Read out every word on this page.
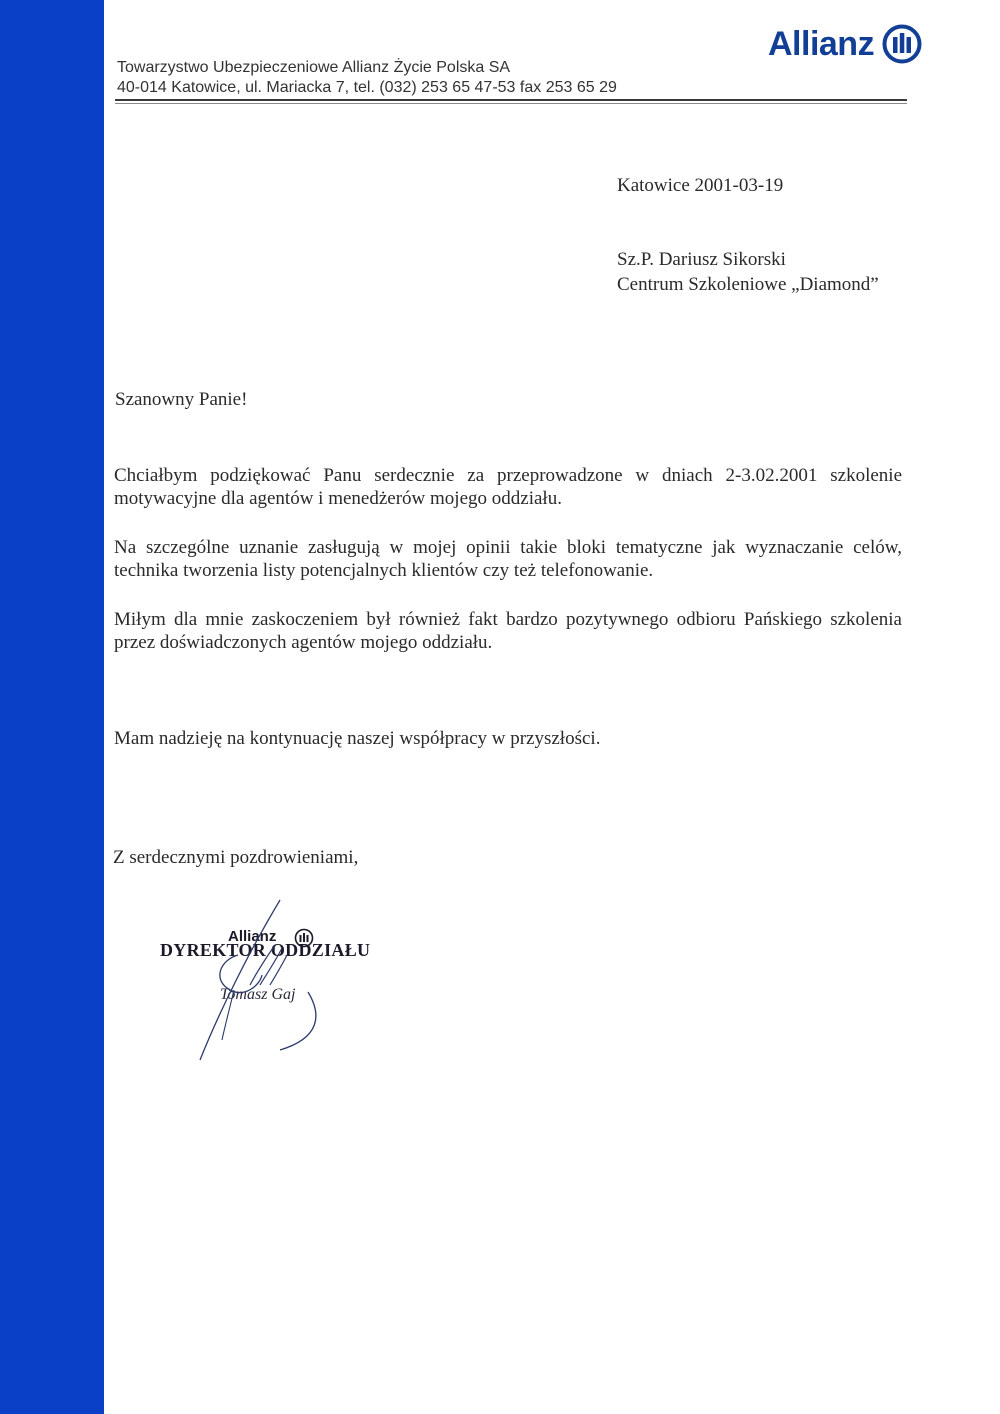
Allianz
Towarzystwo Ubezpieczeniowe Allianz Życie Polska SA
40-014 Katowice, ul. Mariacka 7, tel. (032) 253 65 47-53 fax 253 65 29
Katowice 2001-03-19
Sz.P. Dariusz Sikorski
Centrum Szkoleniowe „Diamond”
Szanowny Panie!

Chciałbym podziękować Panu serdecznie za przeprowadzone w dniach 2-3.02.2001 szkolenie motywacyjne dla agentów i menedżerów mojego oddziału.

Na szczególne uznanie zasługują w mojej opinii takie bloki tematyczne jak wyznaczanie celów, technika tworzenia listy potencjalnych klientów czy też telefonowanie.

Miłym dla mnie zaskoczeniem był również fakt bardzo pozytywnego odbioru Pańskiego szkolenia przez doświadczonych agentów mojego oddziału.

Mam nadzieję na kontynuację naszej współpracy w przyszłości.

Z serdecznymi pozdrowieniami,
Allianz
DYREKTOR ODDZIAŁU
Tomasz Gaj
